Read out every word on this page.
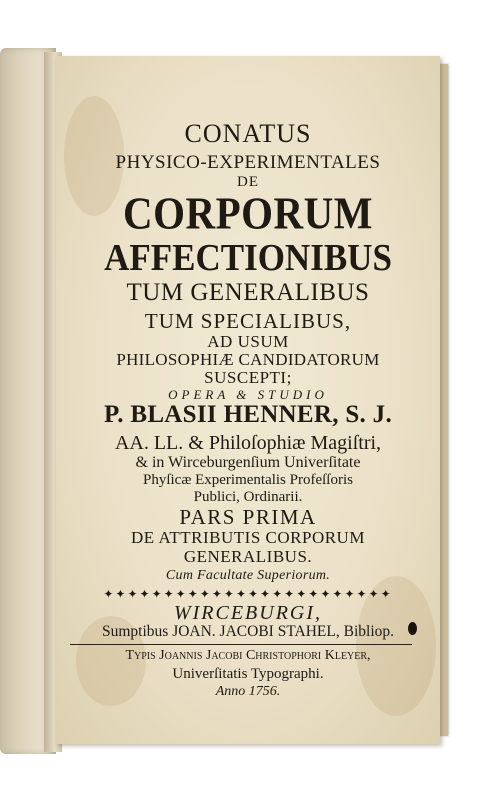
CONATUS
PHYSICO-EXPERIMENTALES
DE
CORPORUM
AFFECTIONIBUS
TUM GENERALIBUS
TUM SPECIALIBUS,
AD USUM
PHILOSOPHIÆ CANDIDATORUM
SUSCEPTI;
OPERA & STUDIO
P. BLASII HENNER, S. J.
AA. LL. & Philoſophiæ Magiſtri,
& in Wirceburgenſium Univerſitate
Phyſicæ Experimentalis Profeſſoris
Publici, Ordinarii.
PARS PRIMA
DE ATTRIBUTIS CORPORUM
GENERALIBUS.
Cum Facultate Superiorum.
✦✦✦✦✦✦✦✦✦✦✦✦✦✦✦✦✦✦✦✦✦✦✦✦
WIRCEBURGI,
Sumptibus JOAN. JACOBI STAHEL, Bibliop.
Typis Joannis Jacobi Christophori Kleyer,
Univerſitatis Typographi.
Anno 1756.
